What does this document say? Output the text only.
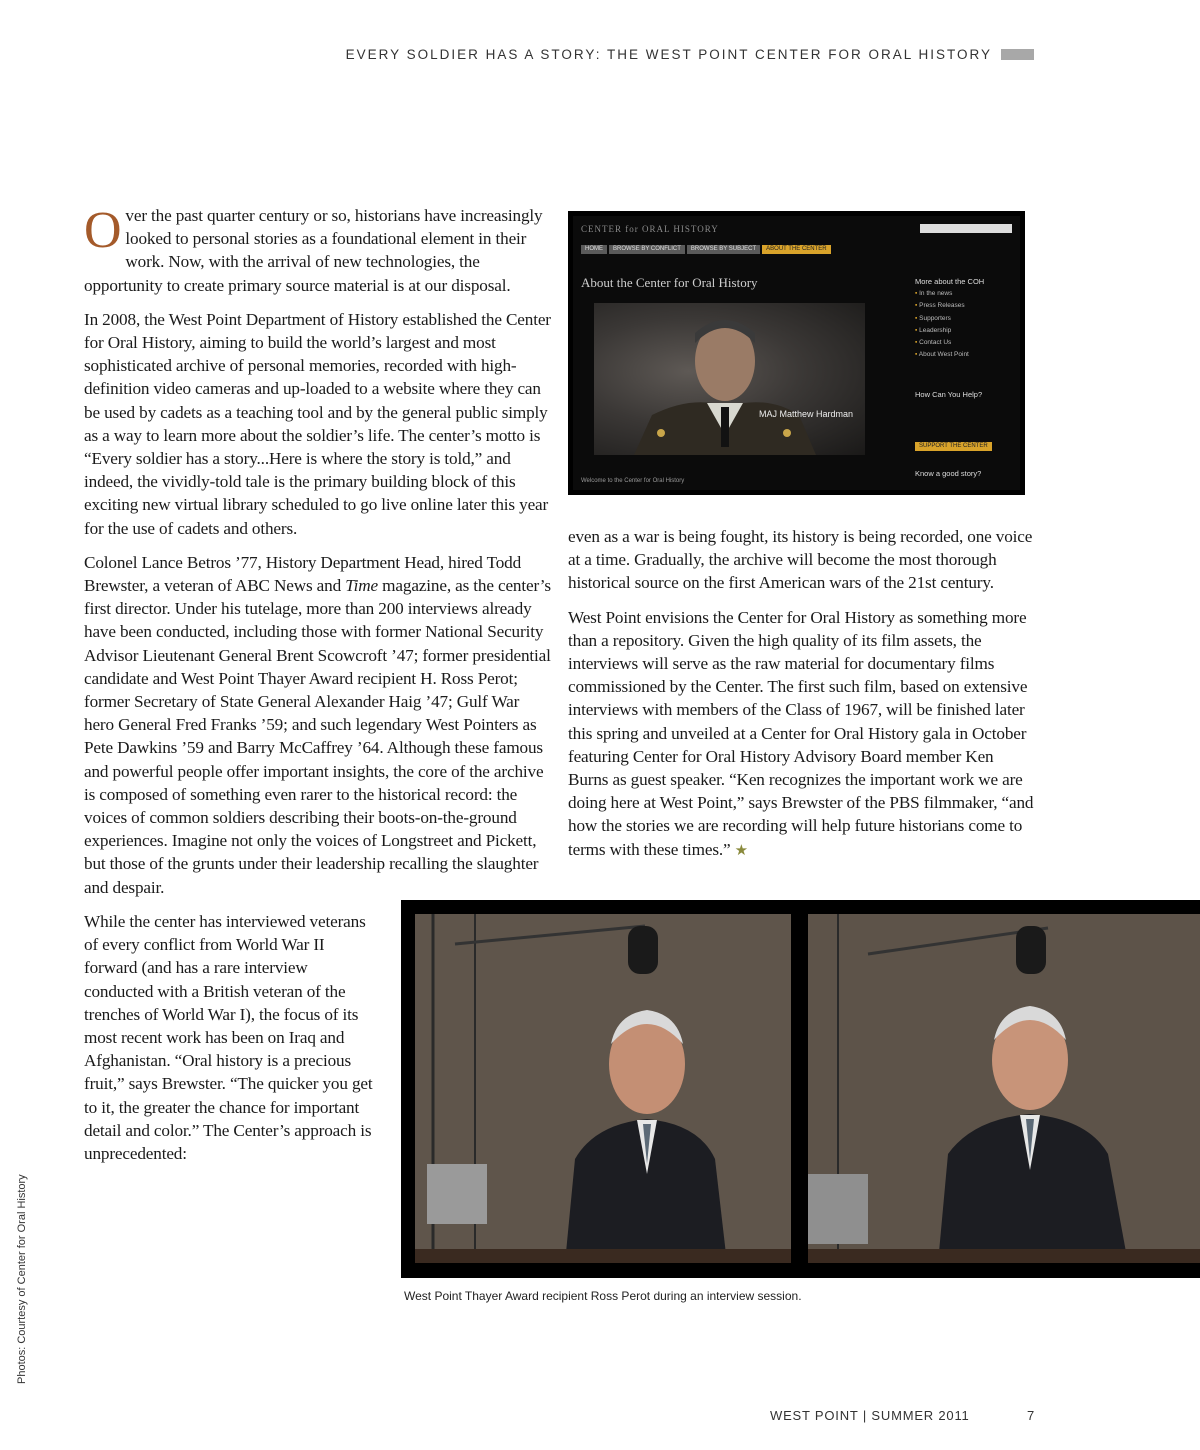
EVERY SOLDIER HAS A STORY: THE WEST POINT CENTER FOR ORAL HISTORY

Over the past quarter century or so, historians have increasingly looked to personal stories as a foundational element in their work. Now, with the arrival of new technologies, the opportunity to create primary source material is at our disposal.

In 2008, the West Point Department of History established the Center for Oral History, aiming to build the world’s largest and most sophisticated archive of personal memories, recorded with high-definition video cameras and up-loaded to a website where they can be used by cadets as a teaching tool and by the general public simply as a way to learn more about the soldier’s life. The center’s motto is “Every soldier has a story...Here is where the story is told,” and indeed, the vividly-told tale is the primary building block of this exciting new virtual library scheduled to go live online later this year for the use of cadets and others.

Colonel Lance Betros ’77, History Department Head, hired Todd Brewster, a veteran of ABC News and Time magazine, as the center’s first director. Under his tutelage, more than 200 interviews already have been conducted, including those with former National Security Advisor Lieutenant General Brent Scowcroft ’47; former presidential candidate and West Point Thayer Award recipient H. Ross Perot; former Secretary of State General Alexander Haig ’47; Gulf War hero General Fred Franks ’59; and such legendary West Pointers as Pete Dawkins ’59 and Barry McCaffrey ’64. Although these famous and powerful people offer important insights, the core of the archive is composed of something even rarer to the historical record: the voices of common soldiers describing their boots-on-the-ground experiences. Imagine not only the voices of Longstreet and Pickett, but those of the grunts under their leadership recalling the slaughter and despair.

While the center has interviewed veterans of every conflict from World War II forward (and has a rare interview conducted with a British veteran of the trenches of World War I), the focus of its most recent work has been on Iraq and Afghanistan. “Oral history is a precious fruit,” says Brewster. “The quicker you get to it, the greater the chance for important detail and color.” The Center’s approach is unprecedented:

CENTER for ORAL HISTORY
HOME	BROWSE BY CONFLICT	BROWSE BY SUBJECT	ABOUT THE CENTER
About the Center for Oral History
MAJ Matthew Hardman
More about the COH
▪ In the news
▪ Press Releases
▪ Supporters
▪ Leadership
▪ Contact Us
▪ About West Point
How Can You Help?
SUPPORT THE CENTER
Know a good story?
Welcome to the Center for Oral History

even as a war is being fought, its history is being recorded, one voice at a time. Gradually, the archive will become the most thorough historical source on the first American wars of the 21st century.

West Point envisions the Center for Oral History as something more than a repository. Given the high quality of its film assets, the interviews will serve as the raw material for documentary films commissioned by the Center. The first such film, based on extensive interviews with members of the Class of 1967, will be finished later this spring and unveiled at a Center for Oral History gala in October featuring Center for Oral History Advisory Board member Ken Burns as guest speaker. “Ken recognizes the important work we are doing here at West Point,” says Brewster of the PBS filmmaker, “and how the stories we are recording will help future historians come to terms with these times.” ★

West Point Thayer Award recipient Ross Perot during an interview session.
Photos: Courtesy of Center for Oral History
WEST POINT | SUMMER 2011	7
